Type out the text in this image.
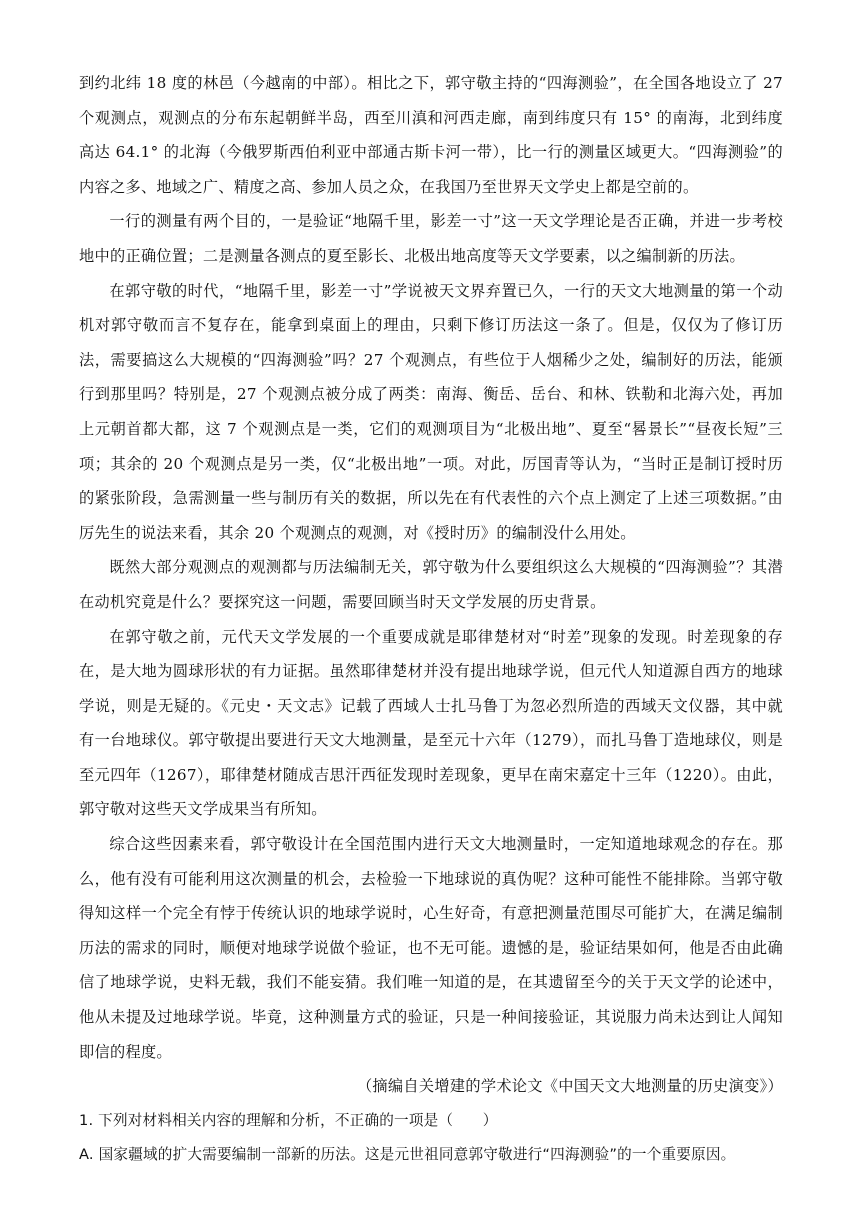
到约北纬 18 度的林邑（今越南的中部）。相比之下，郭守敬主持的“四海测验”，在全国各地设立了 27 个观测点，观测点的分布东起朝鲜半岛，西至川滇和河西走廊，南到纬度只有 15° 的南海，北到纬度高达 64.1° 的北海（今俄罗斯西伯利亚中部通古斯卡河一带），比一行的测量区域更大。“四海测验”的内容之多、地域之广、精度之高、参加人员之众，在我国乃至世界天文学史上都是空前的。

一行的测量有两个目的，一是验证“地隔千里，影差一寸”这一天文学理论是否正确，并进一步考校地中的正确位置；二是测量各测点的夏至影长、北极出地高度等天文学要素，以之编制新的历法。

在郭守敬的时代，“地隔千里，影差一寸”学说被天文界弃置已久，一行的天文大地测量的第一个动机对郭守敬而言不复存在，能拿到桌面上的理由，只剩下修订历法这一条了。但是，仅仅为了修订历法，需要搞这么大规模的“四海测验”吗？27 个观测点，有些位于人烟稀少之处，编制好的历法，能颁行到那里吗？特别是，27 个观测点被分成了两类：南海、衡岳、岳台、和林、铁勒和北海六处，再加上元朝首都大都，这 7 个观测点是一类，它们的观测项目为“北极出地”、夏至“晷景长”“昼夜长短”三项；其余的 20 个观测点是另一类，仅“北极出地”一项。对此，厉国青等认为，“当时正是制订授时历的紧张阶段，急需测量一些与制历有关的数据，所以先在有代表性的六个点上测定了上述三项数据。”由厉先生的说法来看，其余 20 个观测点的观测，对《授时历》的编制没什么用处。

既然大部分观测点的观测都与历法编制无关，郭守敬为什么要组织这么大规模的“四海测验”？其潜在动机究竟是什么？要探究这一问题，需要回顾当时天文学发展的历史背景。

在郭守敬之前，元代天文学发展的一个重要成就是耶律楚材对“时差”现象的发现。时差现象的存在，是大地为圆球形状的有力证据。虽然耶律楚材并没有提出地球学说，但元代人知道源自西方的地球学说，则是无疑的。《元史・天文志》记载了西域人士扎马鲁丁为忽必烈所造的西域天文仪器，其中就有一台地球仪。郭守敬提出要进行天文大地测量，是至元十六年（1279），而扎马鲁丁造地球仪，则是至元四年（1267），耶律楚材随成吉思汗西征发现时差现象，更早在南宋嘉定十三年（1220）。由此，郭守敬对这些天文学成果当有所知。

综合这些因素来看，郭守敬设计在全国范围内进行天文大地测量时，一定知道地球观念的存在。那么，他有没有可能利用这次测量的机会，去检验一下地球说的真伪呢？这种可能性不能排除。当郭守敬得知这样一个完全有悖于传统认识的地球学说时，心生好奇，有意把测量范围尽可能扩大，在满足编制历法的需求的同时，顺便对地球学说做个验证，也不无可能。遗憾的是，验证结果如何，他是否由此确信了地球学说，史料无载，我们不能妄猜。我们唯一知道的是，在其遗留至今的关于天文学的论述中，他从未提及过地球学说。毕竟，这种测量方式的验证，只是一种间接验证，其说服力尚未达到让人闻知即信的程度。

（摘编自关增建的学术论文《中国天文大地测量的历史演变》）

1. 下列对材料相关内容的理解和分析，不正确的一项是（　　）

A. 国家疆域的扩大需要编制一部新的历法。这是元世祖同意郭守敬进行“四海测验”的一个重要原因。
